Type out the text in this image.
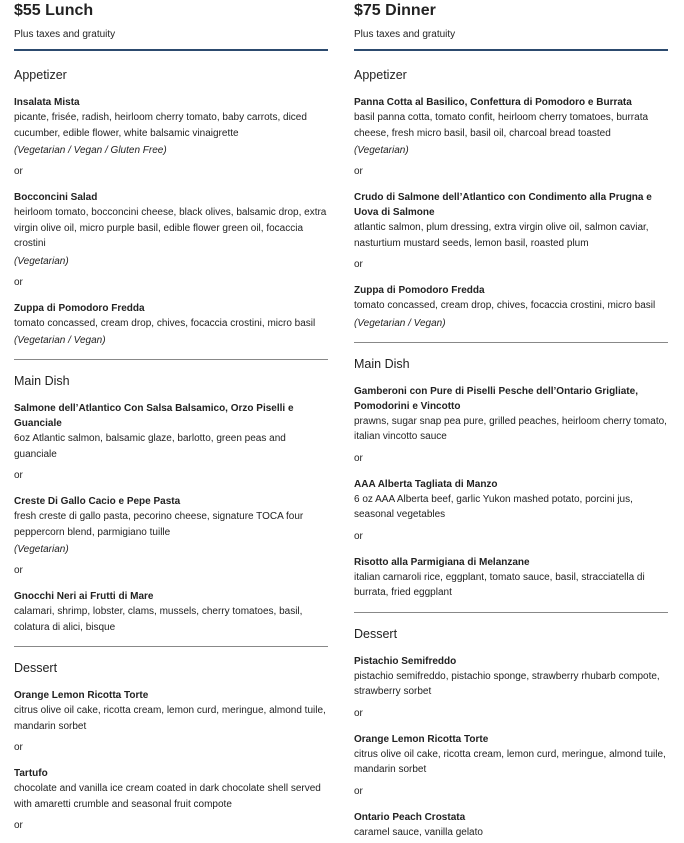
$55 Lunch
Plus taxes and gratuity
Appetizer
Insalata Mista
picante, frisée, radish, heirloom cherry tomato, baby carrots, diced cucumber, edible flower, white balsamic vinaigrette
(Vegetarian / Vegan / Gluten Free)
or
Bocconcini Salad
heirloom tomato, bocconcini cheese, black olives, balsamic drop, extra virgin olive oil, micro purple basil, edible flower green oil, focaccia crostini
(Vegetarian)
or
Zuppa di Pomodoro Fredda
tomato concassed, cream drop, chives, focaccia crostini, micro basil
(Vegetarian / Vegan)
Main Dish
Salmone dell’Atlantico Con Salsa Balsamico, Orzo Piselli e Guanciale
6oz Atlantic salmon, balsamic glaze, barlotto, green peas and guanciale
or
Creste Di Gallo Cacio e Pepe Pasta
fresh creste di gallo pasta, pecorino cheese, signature TOCA four peppercorn blend, parmigiano tuille
(Vegetarian)
or
Gnocchi Neri ai Frutti di Mare
calamari, shrimp, lobster, clams, mussels, cherry tomatoes, basil, colatura di alici, bisque
Dessert
Orange Lemon Ricotta Torte
citrus olive oil cake, ricotta cream, lemon curd, meringue, almond tuile, mandarin sorbet
or
Tartufo
chocolate and vanilla ice cream coated in dark chocolate shell served with amaretti crumble and seasonal fruit compote
or
$75 Dinner
Plus taxes and gratuity
Appetizer
Panna Cotta al Basilico, Confettura di Pomodoro e Burrata
basil panna cotta, tomato confit, heirloom cherry tomatoes, burrata cheese, fresh micro basil, basil oil, charcoal bread toasted
(Vegetarian)
or
Crudo di Salmone dell’Atlantico con Condimento alla Prugna e Uova di Salmone
atlantic salmon, plum dressing, extra virgin olive oil, salmon caviar, nasturtium mustard seeds, lemon basil, roasted plum
or
Zuppa di Pomodoro Fredda
tomato concassed, cream drop, chives, focaccia crostini, micro basil
(Vegetarian / Vegan)
Main Dish
Gamberoni con Pure di Piselli Pesche dell’Ontario Grigliate, Pomodorini e Vincotto
prawns, sugar snap pea pure, grilled peaches, heirloom cherry tomato, italian vincotto sauce
or
AAA Alberta Tagliata di Manzo
6 oz AAA Alberta beef, garlic Yukon mashed potato, porcini jus, seasonal vegetables
or
Risotto alla Parmigiana di Melanzane
italian carnaroli rice, eggplant, tomato sauce, basil, stracciatella di burrata, fried eggplant
Dessert
Pistachio Semifreddo
pistachio semifreddo, pistachio sponge, strawberry rhubarb compote, strawberry sorbet
or
Orange Lemon Ricotta Torte
citrus olive oil cake, ricotta cream, lemon curd, meringue, almond tuile, mandarin sorbet
or
Ontario Peach Crostata
caramel sauce, vanilla gelato
